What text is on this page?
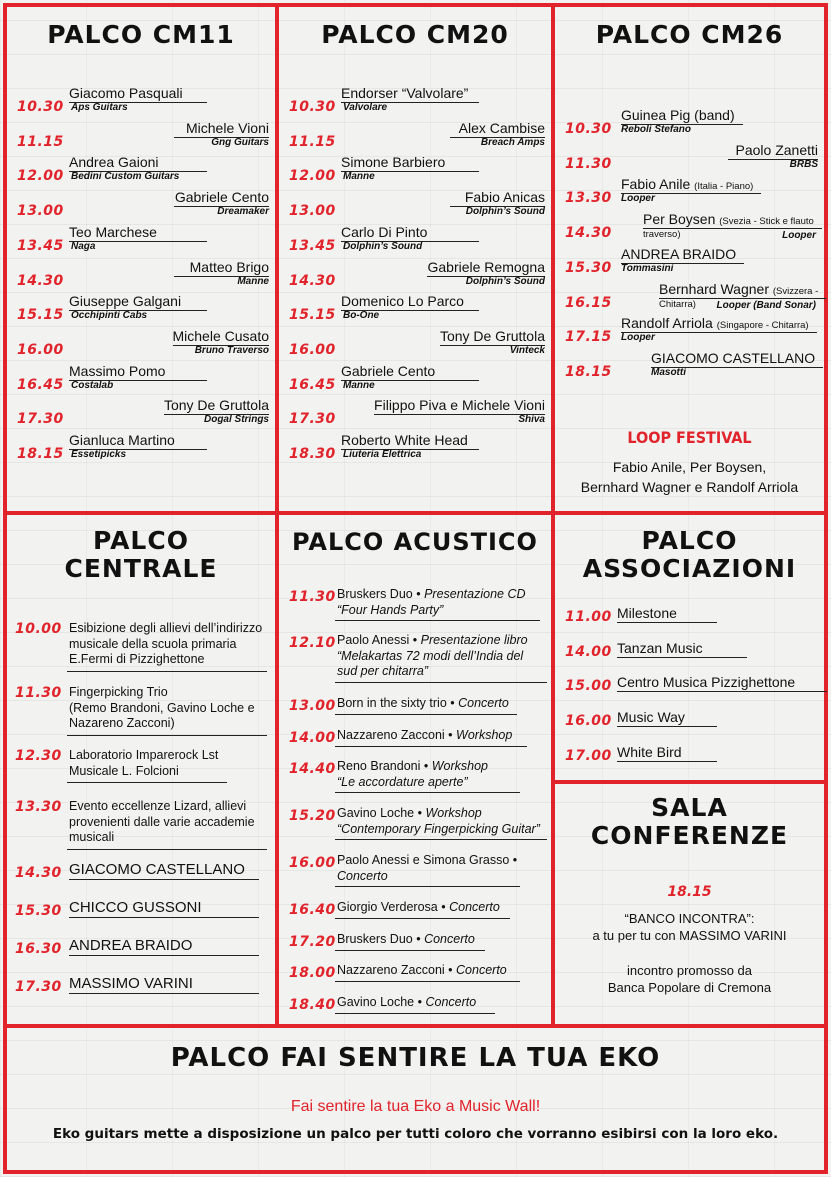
PALCO CM11
10.30
Giacomo Pasquali
Aps Guitars
11.15
Michele Vioni
Gng Guitars
12.00
Andrea Gaioni
Bedini Custom Guitars
13.00
Gabriele Cento
Dreamaker
13.45
Teo Marchese
Naga
14.30
Matteo Brigo
Manne
15.15
Giuseppe Galgani
Occhipinti Cabs
16.00
Michele Cusato
Bruno Traverso
16.45
Massimo Pomo
Costalab
17.30
Tony De Gruttola
Dogal Strings
18.15
Gianluca Martino
Essetipicks
PALCO CM20
10.30
Endorser “Valvolare”
Valvolare
11.15
Alex Cambise
Breach Amps
12.00
Simone Barbiero
Manne
13.00
Fabio Anicas
Dolphin’s Sound
13.45
Carlo Di Pinto
Dolphin’s Sound
14.30
Gabriele Remogna
Dolphin’s Sound
15.15
Domenico Lo Parco
Bo-One
16.00
Tony De Gruttola
Vinteck
16.45
Gabriele Cento
Manne
17.30
Filippo Piva e Michele Vioni
Shiva
18.30
Roberto White Head
Liuteria Elettrica
PALCO CM26
10.30
Guinea Pig (band)
Reboli Stefano
11.30
Paolo Zanetti
BRBS
13.30
Fabio Anile (Italia - Piano)
Looper
14.30
Per Boysen (Svezia - Stick e flauto
traverso)	Looper
15.30
ANDREA BRAIDO
Tommasini
16.15
Bernhard Wagner (Svizzera -
Chitarra) Looper (Band Sonar)
17.15
Randolf Arriola (Singapore - Chitarra)
Looper
18.15
GIACOMO CASTELLANO
Masotti
LOOP FESTIVAL
Fabio Anile, Per Boysen,
Bernhard Wagner e Randolf Arriola
PALCO
CENTRALE
10.00 Esibizione degli allievi dell’indirizzo
musicale della scuola primaria
E.Fermi di Pizzighettone
11.30 Fingerpicking Trio
(Remo Brandoni, Gavino Loche e
Nazareno Zacconi)
12.30 Laboratorio Imparerock Lst
Musicale L. Folcioni
13.30 Evento eccellenze Lizard, allievi
provenienti dalle varie accademie
musicali
14.30 GIACOMO CASTELLANO
15.30 CHICCO GUSSONI
16.30 ANDREA BRAIDO
17.30 MASSIMO VARINI
PALCO ACUSTICO
11.30 Bruskers Duo • Presentazione CD
“Four Hands Party”
12.10 Paolo Anessi • Presentazione libro
“Melakartas 72 modi dell’India del
sud per chitarra”
13.00 Born in the sixty trio • Concerto
14.00 Nazzareno Zacconi • Workshop
14.40 Reno Brandoni • Workshop
“Le accordature aperte”
15.20 Gavino Loche • Workshop
“Contemporary Fingerpicking Guitar”
16.00 Paolo Anessi e Simona Grasso •
Concerto
16.40 Giorgio Verderosa • Concerto
17.20 Bruskers Duo • Concerto
18.00 Nazzareno Zacconi • Concerto
18.40 Gavino Loche • Concerto
PALCO
ASSOCIAZIONI
11.00 Milestone
14.00 Tanzan Music
15.00 Centro Musica Pizzighettone
16.00 Music Way
17.00 White Bird
SALA
CONFERENZE
18.15
“BANCO INCONTRA”:
a tu per tu con MASSIMO VARINI
incontro promosso da
Banca Popolare di Cremona
PALCO FAI SENTIRE LA TUA EKO
Fai sentire la tua Eko a Music Wall!
Eko guitars mette a disposizione un palco per tutti coloro che vorranno esibirsi con la loro eko.
